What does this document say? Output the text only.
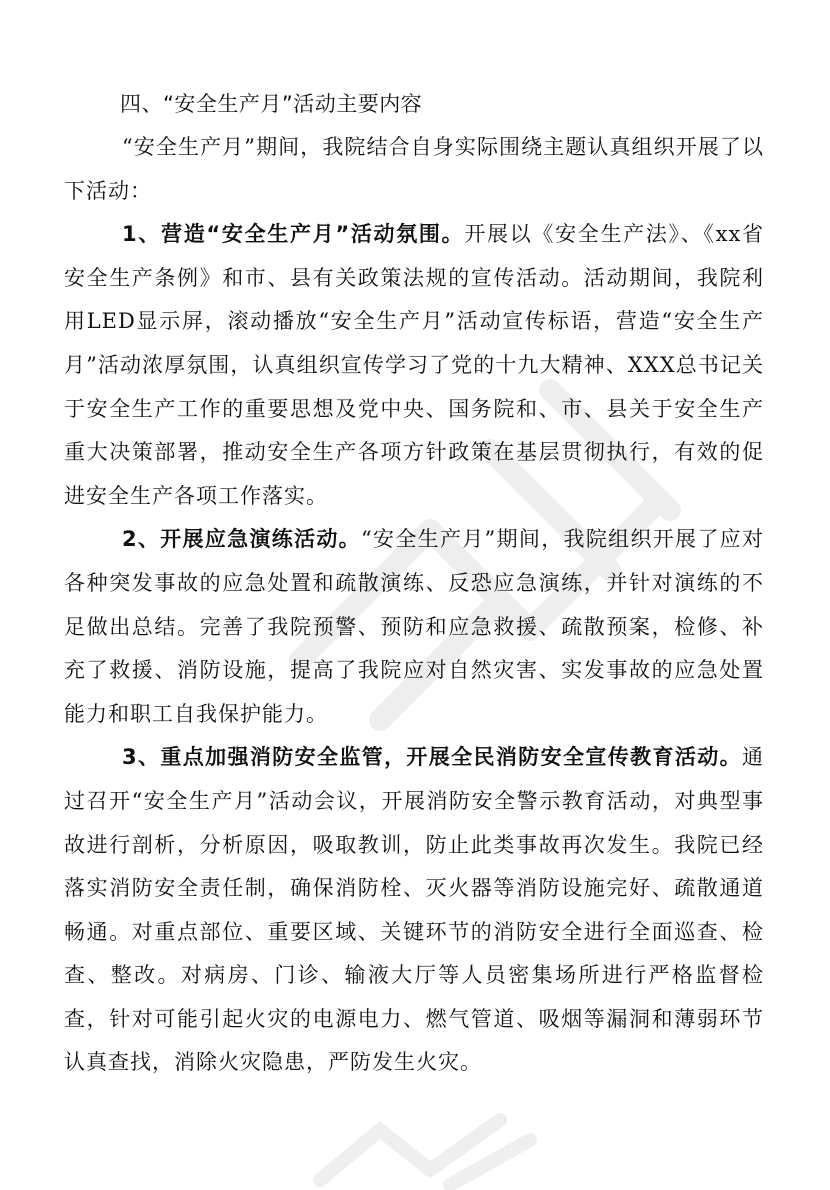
四、“安全生产月”活动主要内容

“安全生产月”期间，我院结合自身实际围绕主题认真组织开展了以下活动：

1、营造“安全生产月”活动氛围。开展以《安全生产法》、《xx省安全生产条例》和市、县有关政策法规的宣传活动。活动期间，我院利用LED显示屏，滚动播放“安全生产月”活动宣传标语，营造“安全生产月”活动浓厚氛围，认真组织宣传学习了党的十九大精神、XXX总书记关于安全生产工作的重要思想及党中央、国务院和、市、县关于安全生产重大决策部署，推动安全生产各项方针政策在基层贯彻执行，有效的促进安全生产各项工作落实。

2、开展应急演练活动。“安全生产月”期间，我院组织开展了应对各种突发事故的应急处置和疏散演练、反恐应急演练，并针对演练的不足做出总结。完善了我院预警、预防和应急救援、疏散预案，检修、补充了救援、消防设施，提高了我院应对自然灾害、实发事故的应急处置能力和职工自我保护能力。

3、重点加强消防安全监管，开展全民消防安全宣传教育活动。通过召开“安全生产月”活动会议，开展消防安全警示教育活动，对典型事故进行剖析，分析原因，吸取教训，防止此类事故再次发生。我院已经落实消防安全责任制，确保消防栓、灭火器等消防设施完好、疏散通道畅通。对重点部位、重要区域、关键环节的消防安全进行全面巡查、检查、整改。对病房、门诊、输液大厅等人员密集场所进行严格监督检查，针对可能引起火灾的电源电力、燃气管道、吸烟等漏洞和薄弱环节认真查找，消除火灾隐患，严防发生火灾。
